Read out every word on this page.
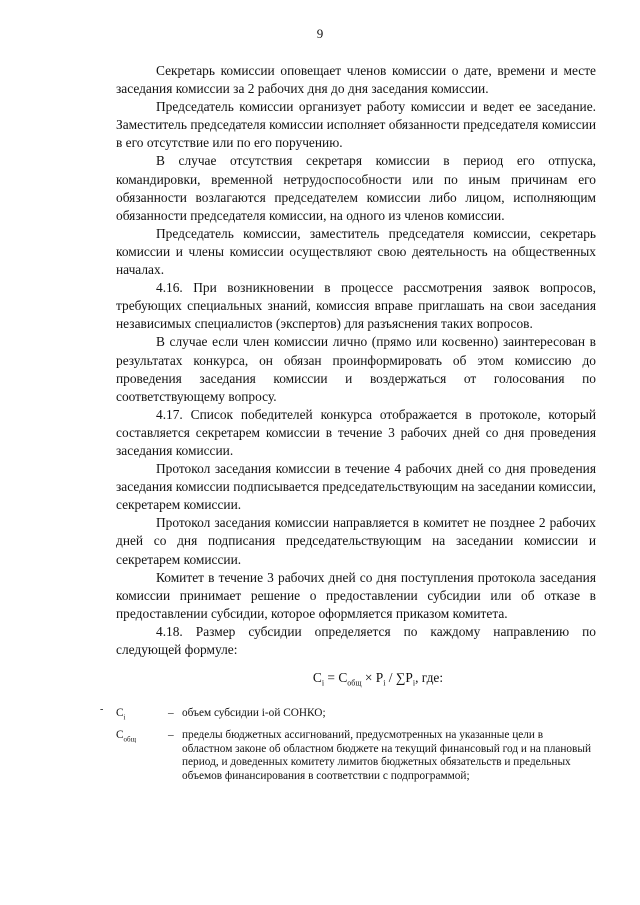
9

Секретарь комиссии оповещает членов комиссии о дате, времени и месте заседания комиссии за 2 рабочих дня до дня заседания комиссии.

Председатель комиссии организует работу комиссии и ведет ее заседание. Заместитель председателя комиссии исполняет обязанности председателя комиссии в его отсутствие или по его поручению.

В случае отсутствия секретаря комиссии в период его отпуска, командировки, временной нетрудоспособности или по иным причинам его обязанности возлагаются председателем комиссии либо лицом, исполняющим обязанности председателя комиссии, на одного из членов комиссии.

Председатель комиссии, заместитель председателя комиссии, секретарь комиссии и члены комиссии осуществляют свою деятельность на общественных началах.

4.16. При возникновении в процессе рассмотрения заявок вопросов, требующих специальных знаний, комиссия вправе приглашать на свои заседания независимых специалистов (экспертов) для разъяснения таких вопросов.

В случае если член комиссии лично (прямо или косвенно) заинтересован в результатах конкурса, он обязан проинформировать об этом комиссию до проведения заседания комиссии и воздержаться от голосования по соответствующему вопросу.

4.17. Список победителей конкурса отображается в протоколе, который составляется секретарем комиссии в течение 3 рабочих дней со дня проведения заседания комиссии.

Протокол заседания комиссии в течение 4 рабочих дней со дня проведения заседания комиссии подписывается председательствующим на заседании комиссии, секретарем комиссии.

Протокол заседания комиссии направляется в комитет не позднее 2 рабочих дней со дня подписания председательствующим на заседании комиссии и секретарем комиссии.

Комитет в течение 3 рабочих дней со дня поступления протокола заседания комиссии принимает решение о предоставлении субсидии или об отказе в предоставлении субсидии, которое оформляется приказом комитета.

4.18. Размер субсидии определяется по каждому направлению по следующей формуле:

$C_i = C_{общ} \times P_i / \sum P_i$, где:
$C_i$	– объем субсидии i-ой СОНКО;
$C_{общ}$	– пределы бюджетных ассигнований, предусмотренных на указанные цели в областном законе об областном бюджете на текущий финансовый год и на плановый период, и доведенных комитету лимитов бюджетных обязательств и предельных объемов финансирования в соответствии с подпрограммой;
-
